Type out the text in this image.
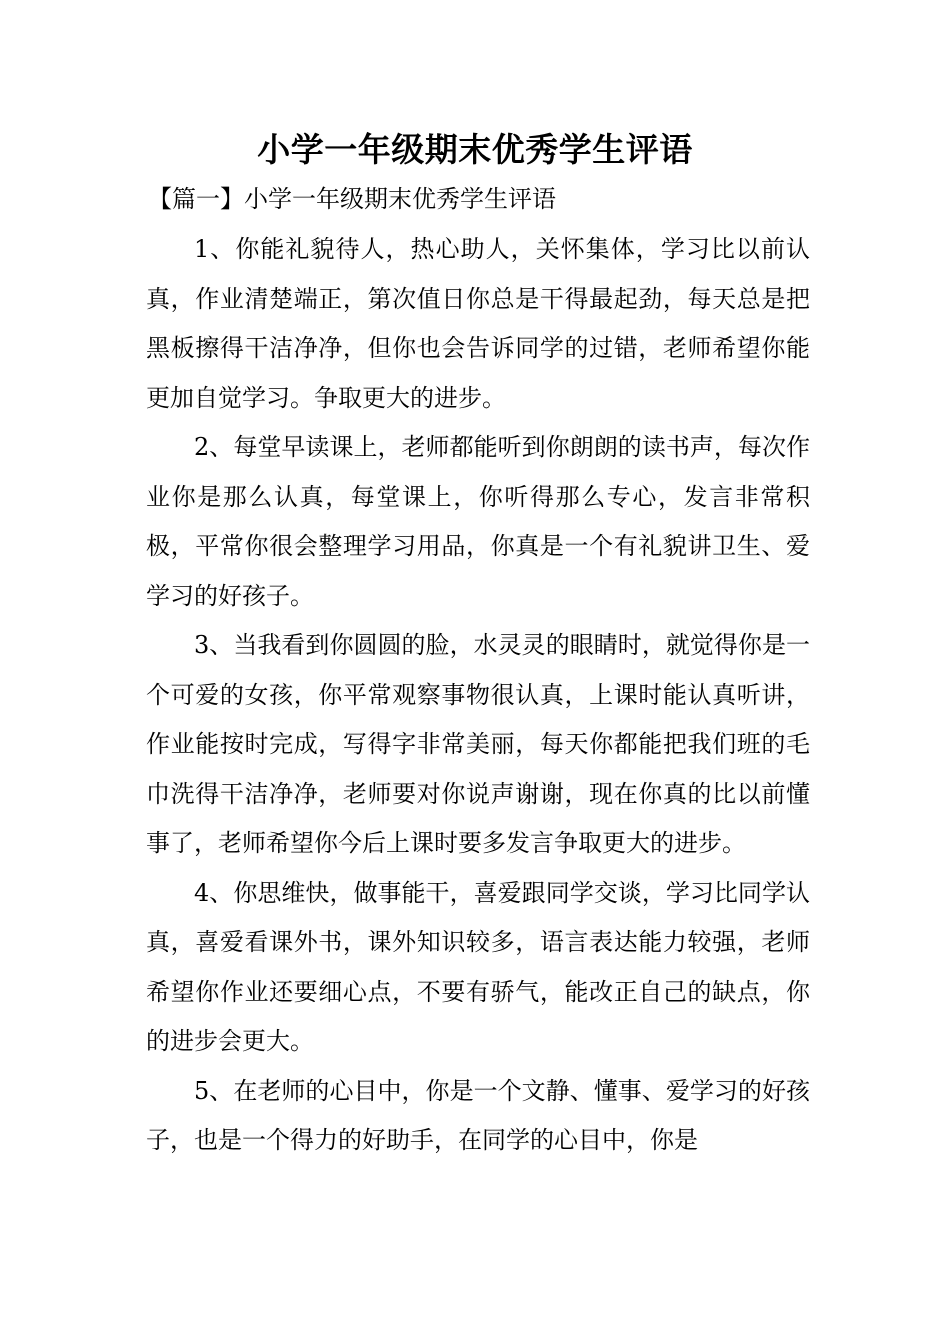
小学一年级期末优秀学生评语
【篇一】小学一年级期末优秀学生评语

1、你能礼貌待人，热心助人，关怀集体，学习比以前认真，作业清楚端正，第次值日你总是干得最起劲，每天总是把黑板擦得干洁净净，但你也会告诉同学的过错，老师希望你能更加自觉学习。争取更大的进步。

2、每堂早读课上，老师都能听到你朗朗的读书声，每次作业你是那么认真，每堂课上，你听得那么专心，发言非常积极，平常你很会整理学习用品，你真是一个有礼貌讲卫生、爱学习的好孩子。

3、当我看到你圆圆的脸，水灵灵的眼睛时，就觉得你是一个可爱的女孩，你平常观察事物很认真，上课时能认真听讲，作业能按时完成，写得字非常美丽，每天你都能把我们班的毛巾洗得干洁净净，老师要对你说声谢谢，现在你真的比以前懂事了，老师希望你今后上课时要多发言争取更大的进步。

4、你思维快，做事能干，喜爱跟同学交谈，学习比同学认真，喜爱看课外书，课外知识较多，语言表达能力较强，老师希望你作业还要细心点，不要有骄气，能改正自己的缺点，你的进步会更大。

5、在老师的心目中，你是一个文静、懂事、爱学习的好孩子，也是一个得力的好助手，在同学的心目中，你是
